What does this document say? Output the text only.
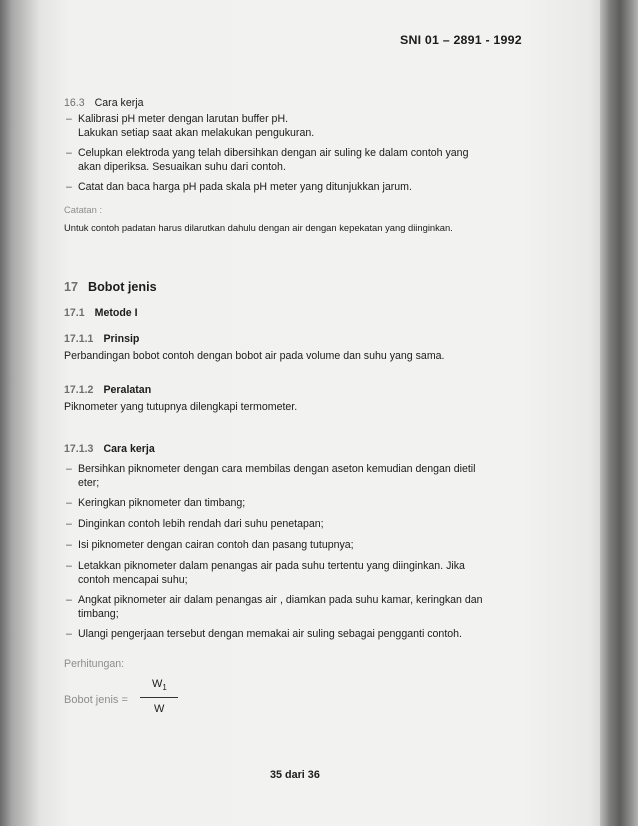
SNI 01 – 2891 - 1992
16.3 Cara kerja
– Kalibrasi pH meter dengan larutan buffer pH.
Lakukan setiap saat akan melakukan pengukuran.
– Celupkan elektroda yang telah dibersihkan dengan air suling ke dalam contoh yang
akan diperiksa. Sesuaikan suhu dari contoh.
– Catat dan baca harga pH pada skala pH meter yang ditunjukkan jarum.
Catatan :
Untuk contoh padatan harus dilarutkan dahulu dengan air dengan kepekatan yang diinginkan.
17 Bobot jenis
17.1 Metode I
17.1.1 Prinsip
Perbandingan bobot contoh dengan bobot air pada volume dan suhu yang sama.
17.1.2 Peralatan
Piknometer yang tutupnya dilengkapi termometer.
17.1.3 Cara kerja
– Bersihkan piknometer dengan cara membilas dengan aseton kemudian dengan dietil
eter;
– Keringkan piknometer dan timbang;
– Dinginkan contoh lebih rendah dari suhu penetapan;
– Isi piknometer dengan cairan contoh dan pasang tutupnya;
– Letakkan piknometer dalam penangas air pada suhu tertentu yang diinginkan. Jika
contoh mencapai suhu;
– Angkat piknometer air dalam penangas air , diamkan pada suhu kamar, keringkan dan
timbang;
– Ulangi pengerjaan tersebut dengan memakai air suling sebagai pengganti contoh.
Perhitungan:
Bobot jenis =
$W_1$
W
35 dari 36
